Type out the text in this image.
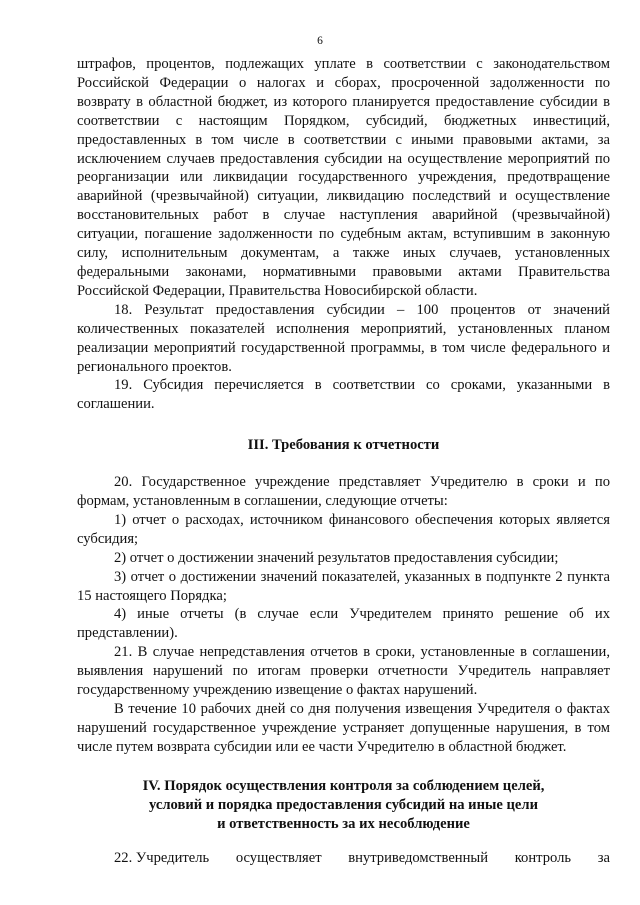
6

штрафов, процентов, подлежащих уплате в соответствии с законодательством Российской Федерации о налогах и сборах, просроченной задолженности по возврату в областной бюджет, из которого планируется предоставление субсидии в соответствии с настоящим Порядком, субсидий, бюджетных инвестиций, предоставленных в том числе в соответствии с иными правовыми актами, за исключением случаев предоставления субсидии на осуществление мероприятий по реорганизации или ликвидации государственного учреждения, предотвращение аварийной (чрезвычайной) ситуации, ликвидацию последствий и осуществление восстановительных работ в случае наступления аварийной (чрезвычайной) ситуации, погашение задолженности по судебным актам, вступившим в законную силу, исполнительным документам, а также иных случаев, установленных федеральными законами, нормативными правовыми актами Правительства Российской Федерации, Правительства Новосибирской области.

18. Результат предоставления субсидии – 100 процентов от значений количественных показателей исполнения мероприятий, установленных планом реализации мероприятий государственной программы, в том числе федерального и регионального проектов.

19. Субсидия перечисляется в соответствии со сроками, указанными в соглашении.

III. Требования к отчетности

20. Государственное учреждение представляет Учредителю в сроки и по формам, установленным в соглашении, следующие отчеты:

1) отчет о расходах, источником финансового обеспечения которых является субсидия;

2) отчет о достижении значений результатов предоставления субсидии;

3) отчет о достижении значений показателей, указанных в подпункте 2 пункта 15 настоящего Порядка;

4) иные отчеты (в случае если Учредителем принято решение об их представлении).

21. В случае непредставления отчетов в сроки, установленные в соглашении, выявления нарушений по итогам проверки отчетности Учредитель направляет государственному учреждению извещение о фактах нарушений.

В течение 10 рабочих дней со дня получения извещения Учредителя о фактах нарушений государственное учреждение устраняет допущенные нарушения, в том числе путем возврата субсидии или ее части Учредителю в областной бюджет.

IV. Порядок осуществления контроля за соблюдением целей,
условий и порядка предоставления субсидий на иные цели
и ответственность за их несоблюдение
22. Учредитель осуществляет внутриведомственный контроль за
